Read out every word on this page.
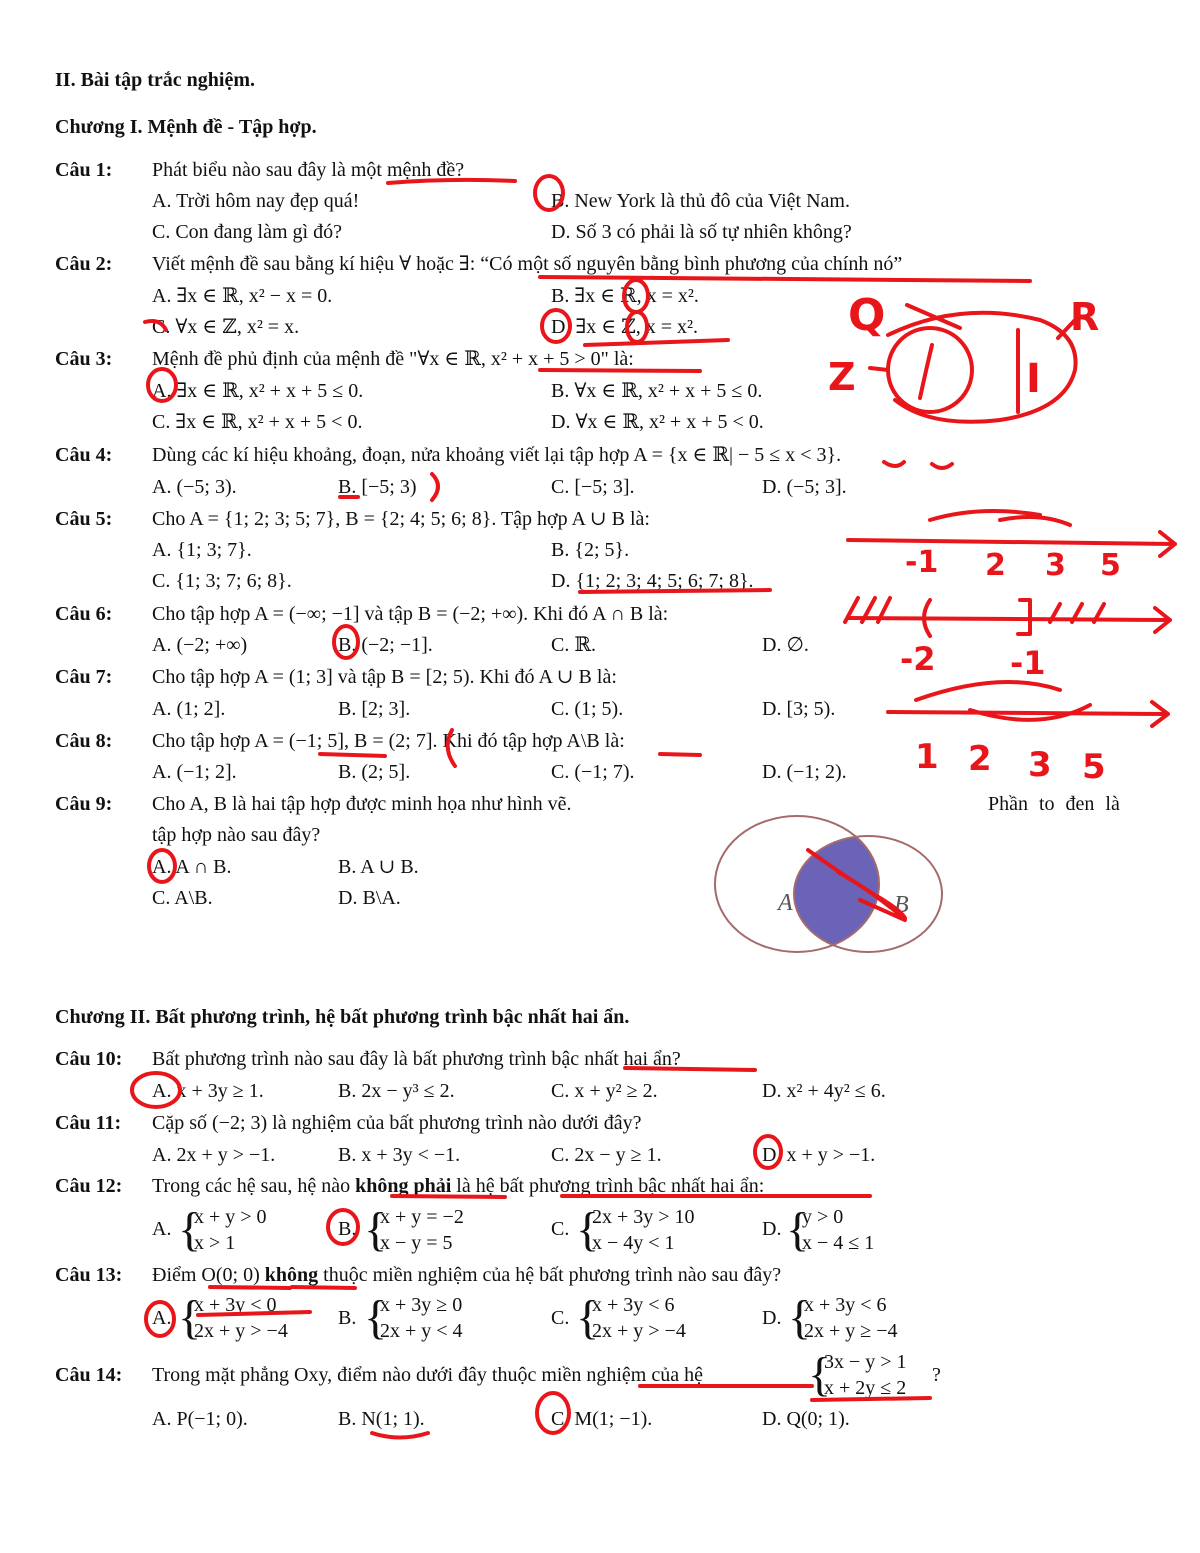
II. Bài tập trắc nghiệm.
Chương I. Mệnh đề - Tập hợp.
Câu 1: Phát biểu nào sau đây là một mệnh đề?
A. Trời hôm nay đẹp quá!	B. New York là thủ đô của Việt Nam.
C. Con đang làm gì đó?	D. Số 3 có phải là số tự nhiên không?
Câu 2: Viết mệnh đề sau bằng kí hiệu ∀ hoặc ∃: “Có một số nguyên bằng bình phương của chính nó”
A. ∃x ∈ ℝ, x² − x = 0.	B. ∃x ∈ ℝ, x = x².
C. ∀x ∈ ℤ, x² = x.	D. ∃x ∈ ℤ, x = x².
Câu 3: Mệnh đề phủ định của mệnh đề "∀x ∈ ℝ, x² + x + 5 > 0" là:
A. ∃x ∈ ℝ, x² + x + 5 ≤ 0.	B. ∀x ∈ ℝ, x² + x + 5 ≤ 0.
C. ∃x ∈ ℝ, x² + x + 5 < 0.	D. ∀x ∈ ℝ, x² + x + 5 < 0.
Câu 4: Dùng các kí hiệu khoảng, đoạn, nửa khoảng viết lại tập hợp A = {x ∈ ℝ| − 5 ≤ x < 3}.
A. (−5; 3).	B. [−5; 3)	C. [−5; 3].	D. (−5; 3].
Câu 5: Cho A = {1; 2; 3; 5; 7}, B = {2; 4; 5; 6; 8}. Tập hợp A ∪ B là:
A. {1; 3; 7}.	B. {2; 5}.
C. {1; 3; 7; 6; 8}.	D. {1; 2; 3; 4; 5; 6; 7; 8}.
Câu 6: Cho tập hợp A = (−∞; −1] và tập B = (−2; +∞). Khi đó A ∩ B là:
A. (−2; +∞)	B. (−2; −1].	C. ℝ.	D. ∅.
Câu 7: Cho tập hợp A = (1; 3] và tập B = [2; 5). Khi đó A ∪ B là:
A. (1; 2].	B. [2; 3].	C. (1; 5).	D. [3; 5).
Câu 8: Cho tập hợp A = (−1; 5], B = (2; 7]. Khi đó tập hợp A\B là:
A. (−1; 2].	B. (2; 5].	C. (−1; 7).	D. (−1; 2).
Câu 9: Cho A, B là hai tập hợp được minh họa như hình vẽ.	Phần to đen là
tập hợp nào sau đây?
A. A ∩ B.	B. A ∪ B.
C. A\B.	D. B\A.	A	B
Chương II. Bất phương trình, hệ bất phương trình bậc nhất hai ẩn.
Câu 10: Bất phương trình nào sau đây là bất phương trình bậc nhất hai ẩn?
A. x + 3y ≥ 1.	B. 2x − y³ ≤ 2.	C. x + y² ≥ 2.	D. x² + 4y² ≤ 6.
Câu 11: Cặp số (−2; 3) là nghiệm của bất phương trình nào dưới đây?
A. 2x + y > −1.	B. x + 3y < −1.	C. 2x − y ≥ 1.	D. x + y > −1.
Câu 12: Trong các hệ sau, hệ nào không phải là hệ bất phương trình bậc nhất hai ẩn:
A. {
x + y > 0
x > 1
B. {
x + y = −2
x − y = 5
C. {
2x + 3y > 10
x − 4y < 1
D. {
y > 0
x − 4 ≤ 1
Câu 13: Điểm O(0; 0) không thuộc miền nghiệm của hệ bất phương trình nào sau đây?
A. {
x + 3y < 0
2x + y > −4
B. {
x + 3y ≥ 0
2x + y < 4
C. {
x + 3y < 6
2x + y > −4
D. {
x + 3y < 6
2x + y ≥ −4
Câu 14: Trong mặt phẳng Oxy, điểm nào dưới đây thuộc miền nghiệm của hệ {
3x − y > 1
x + 2y ≤ 2
?
A. P(−1; 0).	B. N(1; 1).	C. M(1; −1).	D. Q(0; 1).
Q	R
Z	I
-1 2 3 5
-2 -1
1 2 3 5
